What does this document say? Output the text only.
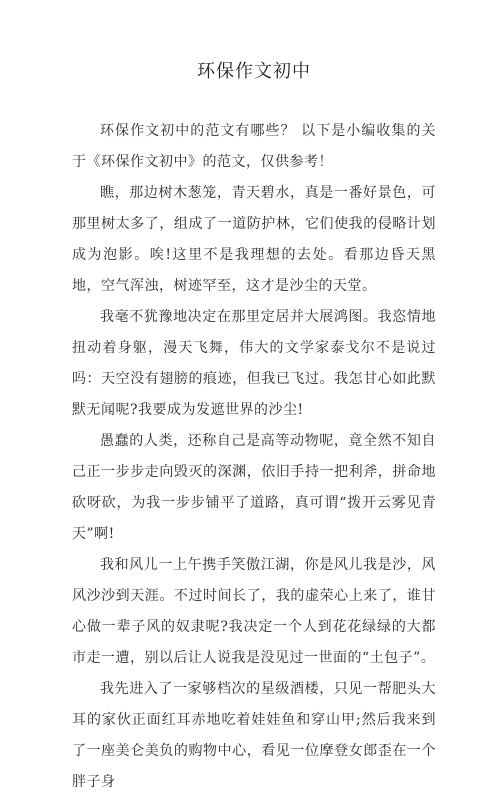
环保作文初中

环保作文初中的范文有哪些？ 以下是小编收集的关于《环保作文初中》的范文，仅供参考！

瞧，那边树木葱笼，青天碧水，真是一番好景色，可那里树太多了，组成了一道防护林，它们使我的侵略计划成为泡影。唉!这里不是我理想的去处。看那边昏天黑地，空气浑浊，树迹罕至，这才是沙尘的天堂。

我毫不犹豫地决定在那里定居并大展鸿图。我恣情地扭动着身躯，漫天飞舞，伟大的文学家泰戈尔不是说过吗：天空没有翅膀的痕迹，但我已飞过。我怎甘心如此默默无闻呢?我要成为发遮世界的沙尘!

愚蠢的人类，还称自己是高等动物呢，竟全然不知自己正一步步走向毁灭的深渊，依旧手持一把利斧，拼命地砍呀砍，为我一步步铺平了道路，真可谓“拨开云雾见青天”啊!

我和风儿一上午携手笑傲江湖，你是风儿我是沙，风风沙沙到天涯。不过时间长了，我的虚荣心上来了，谁甘心做一辈子风的奴隶呢?我决定一个人到花花绿绿的大都市走一遭，别以后让人说我是没见过一世面的“土包子”。

我先进入了一家够档次的星级酒楼，只见一帮肥头大耳的家伙正面红耳赤地吃着娃娃鱼和穿山甲;然后我来到了一座美仑美负的购物中心，看见一位摩登女郎歪在一个胖子身
